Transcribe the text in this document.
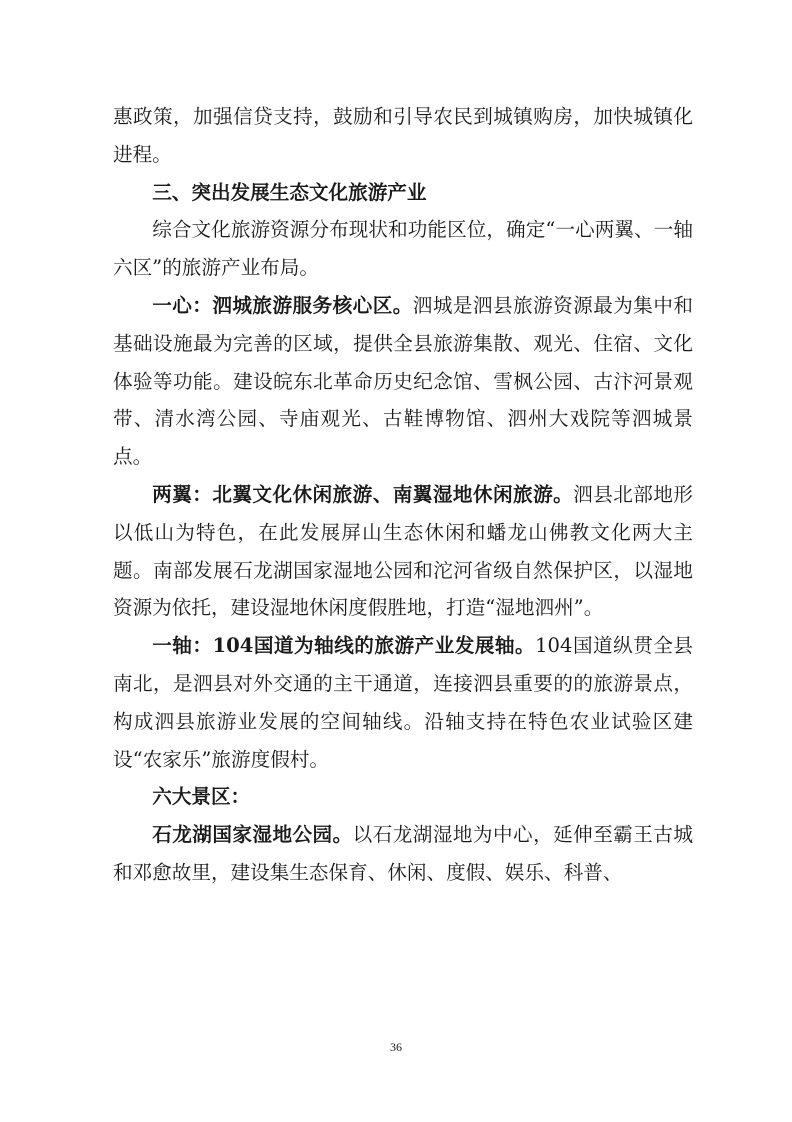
惠政策，加强信贷支持，鼓励和引导农民到城镇购房，加快城镇化进程。

三、突出发展生态文化旅游产业

综合文化旅游资源分布现状和功能区位，确定“一心两翼、一轴六区”的旅游产业布局。

一心：泗城旅游服务核心区。泗城是泗县旅游资源最为集中和基础设施最为完善的区域，提供全县旅游集散、观光、住宿、文化体验等功能。建设皖东北革命历史纪念馆、雪枫公园、古汴河景观带、清水湾公园、寺庙观光、古鞋博物馆、泗州大戏院等泗城景点。

两翼：北翼文化休闲旅游、南翼湿地休闲旅游。泗县北部地形以低山为特色，在此发展屏山生态休闲和蟠龙山佛教文化两大主题。南部发展石龙湖国家湿地公园和沱河省级自然保护区，以湿地资源为依托，建设湿地休闲度假胜地，打造“湿地泗州”。

一轴：104国道为轴线的旅游产业发展轴。104国道纵贯全县南北，是泗县对外交通的主干通道，连接泗县重要的的旅游景点，构成泗县旅游业发展的空间轴线。沿轴支持在特色农业试验区建设“农家乐”旅游度假村。

六大景区：

石龙湖国家湿地公园。以石龙湖湿地为中心，延伸至霸王古城和邓愈故里，建设集生态保育、休闲、度假、娱乐、科普、

36
